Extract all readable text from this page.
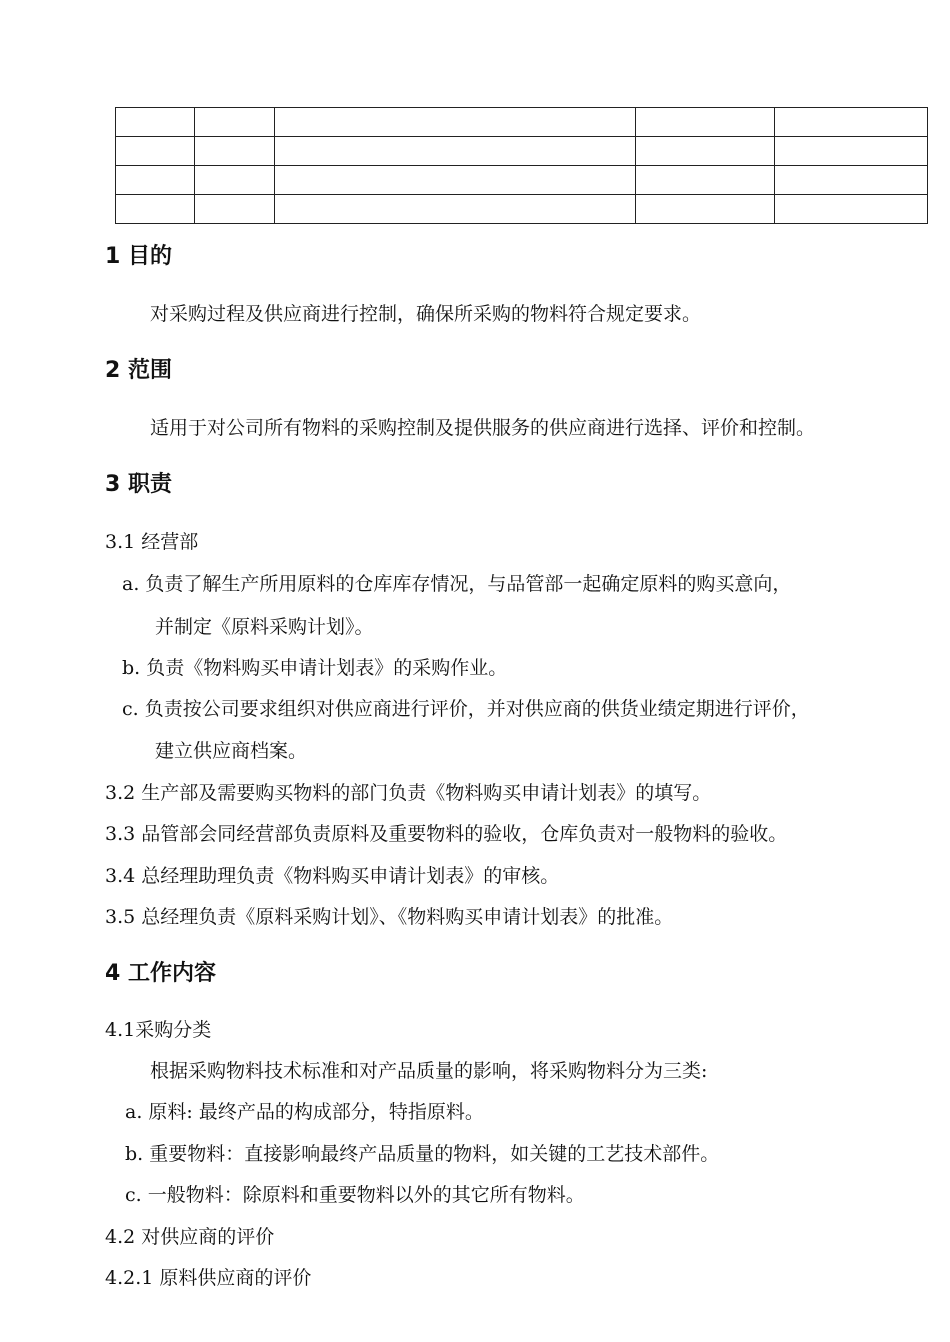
1 目的
对采购过程及供应商进行控制，确保所采购的物料符合规定要求。
2 范围
适用于对公司所有物料的采购控制及提供服务的供应商进行选择、评价和控制。
3 职责
3.1 经营部
a. 负责了解生产所用原料的仓库库存情况，与品管部一起确定原料的购买意向，
并制定《原料采购计划》。
b. 负责《物料购买申请计划表》的采购作业。
c. 负责按公司要求组织对供应商进行评价，并对供应商的供货业绩定期进行评价，
建立供应商档案。
3.2 生产部及需要购买物料的部门负责《物料购买申请计划表》的填写。
3.3 品管部会同经营部负责原料及重要物料的验收，仓库负责对一般物料的验收。
3.4 总经理助理负责《物料购买申请计划表》的审核。
3.5 总经理负责《原料采购计划》、《物料购买申请计划表》的批准。
4 工作内容
4.1采购分类
根据采购物料技术标准和对产品质量的影响，将采购物料分为三类:
a. 原料: 最终产品的构成部分，特指原料。
b. 重要物料：直接影响最终产品质量的物料，如关键的工艺技术部件。
c. 一般物料：除原料和重要物料以外的其它所有物料。
4.2 对供应商的评价
4.2.1 原料供应商的评价
